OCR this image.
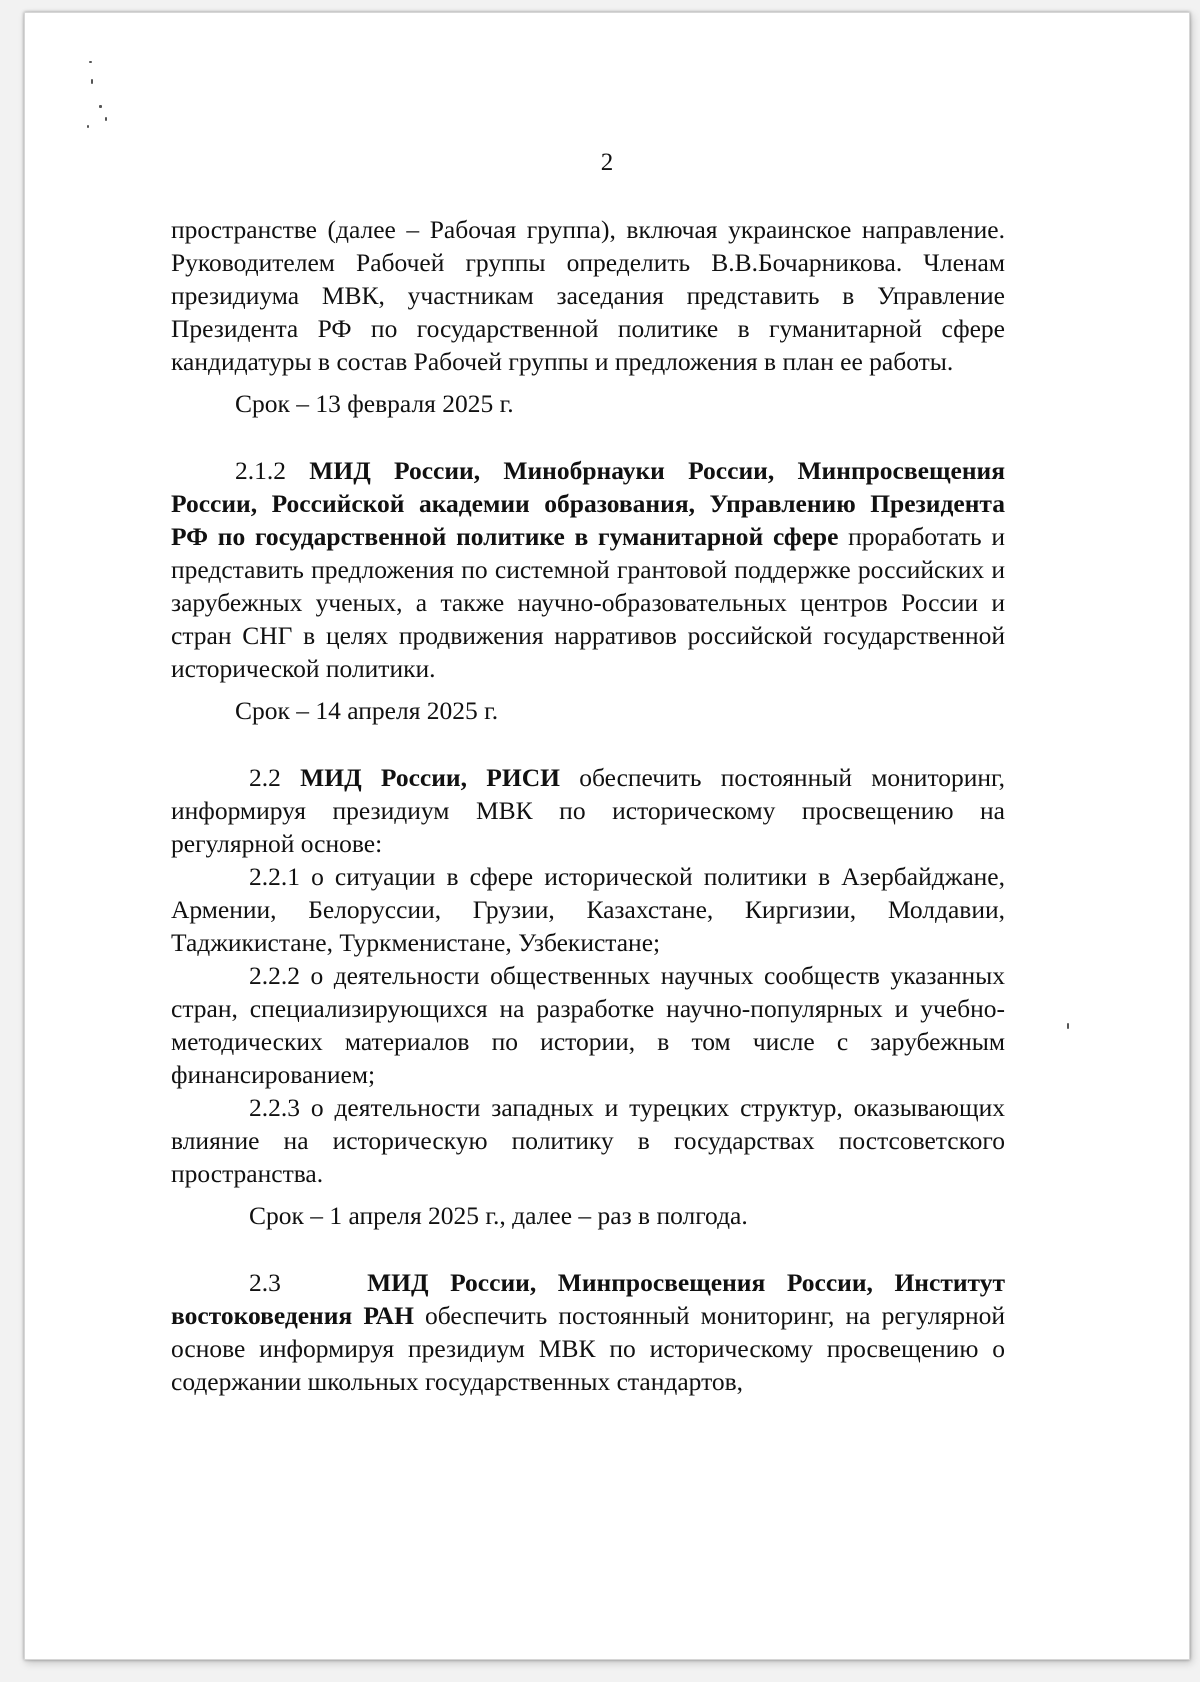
2

пространстве (далее – Рабочая группа), включая украинское направление. Руководителем Рабочей группы определить В.В.Бочарникова. Членам президиума МВК, участникам заседания представить в Управление Президента РФ по государственной политике в гуманитарной сфере кандидатуры в состав Рабочей группы и предложения в план ее работы.

Срок – 13 февраля 2025 г.

2.1.2 МИД России, Минобрнауки России, Минпросвещения России, Российской академии образования, Управлению Президента РФ по государственной политике в гуманитарной сфере проработать и представить предложения по системной грантовой поддержке российских и зарубежных ученых, а также научно-образовательных центров России и стран СНГ в целях продвижения нарративов российской государственной исторической политики.

Срок – 14 апреля 2025 г.

2.2 МИД России, РИСИ обеспечить постоянный мониторинг, информируя президиум МВК по историческому просвещению на регулярной основе:

2.2.1 о ситуации в сфере исторической политики в Азербайджане, Армении, Белоруссии, Грузии, Казахстане, Киргизии, Молдавии, Таджикистане, Туркменистане, Узбекистане;

2.2.2 о деятельности общественных научных сообществ указанных стран, специализирующихся на разработке научно-популярных и учебно-методических материалов по истории, в том числе с зарубежным финансированием;

2.2.3 о деятельности западных и турецких структур, оказывающих влияние на историческую политику в государствах постсоветского пространства.

Срок – 1 апреля 2025 г., далее – раз в полгода.

2.3	МИД России, Минпросвещения России, Институт востоковедения РАН обеспечить постоянный мониторинг, на регулярной основе информируя президиум МВК по историческому просвещению о содержании школьных государственных стандартов,
